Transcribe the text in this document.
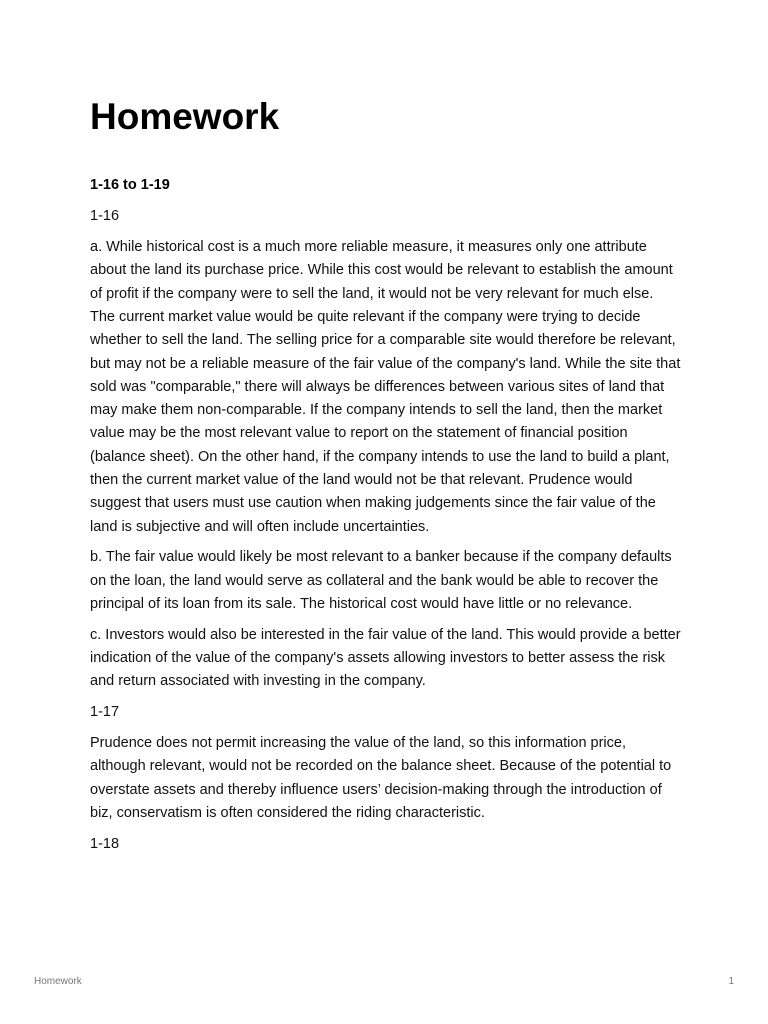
Homework
1-16 to 1-19

1-16

a. While historical cost is a much more reliable measure, it measures only one attribute about the land its purchase price. While this cost would be relevant to establish the amount of profit if the company were to sell the land, it would not be very relevant for much else. The current market value would be quite relevant if the company were trying to decide whether to sell the land. The selling price for a comparable site would therefore be relevant, but may not be a reliable measure of the fair value of the company's land. While the site that sold was "comparable," there will always be differences between various sites of land that may make them non-comparable. If the company intends to sell the land, then the market value may be the most relevant value to report on the statement of financial position (balance sheet). On the other hand, if the company intends to use the land to build a plant, then the current market value of the land would not be that relevant. Prudence would suggest that users must use caution when making judgements since the fair value of the land is subjective and will often include uncertainties.

b. The fair value would likely be most relevant to a banker because if the company defaults on the loan, the land would serve as collateral and the bank would be able to recover the principal of its loan from its sale. The historical cost would have little or no relevance.

c. Investors would also be interested in the fair value of the land. This would provide a better indication of the value of the company's assets allowing investors to better assess the risk and return associated with investing in the company.

1-17

Prudence does not permit increasing the value of the land, so this information price, although relevant, would not be recorded on the balance sheet. Because of the potential to overstate assets and thereby influence users’ decision-making through the introduction of biz, conservatism is often considered the riding characteristic.

1-18

Homework	1
